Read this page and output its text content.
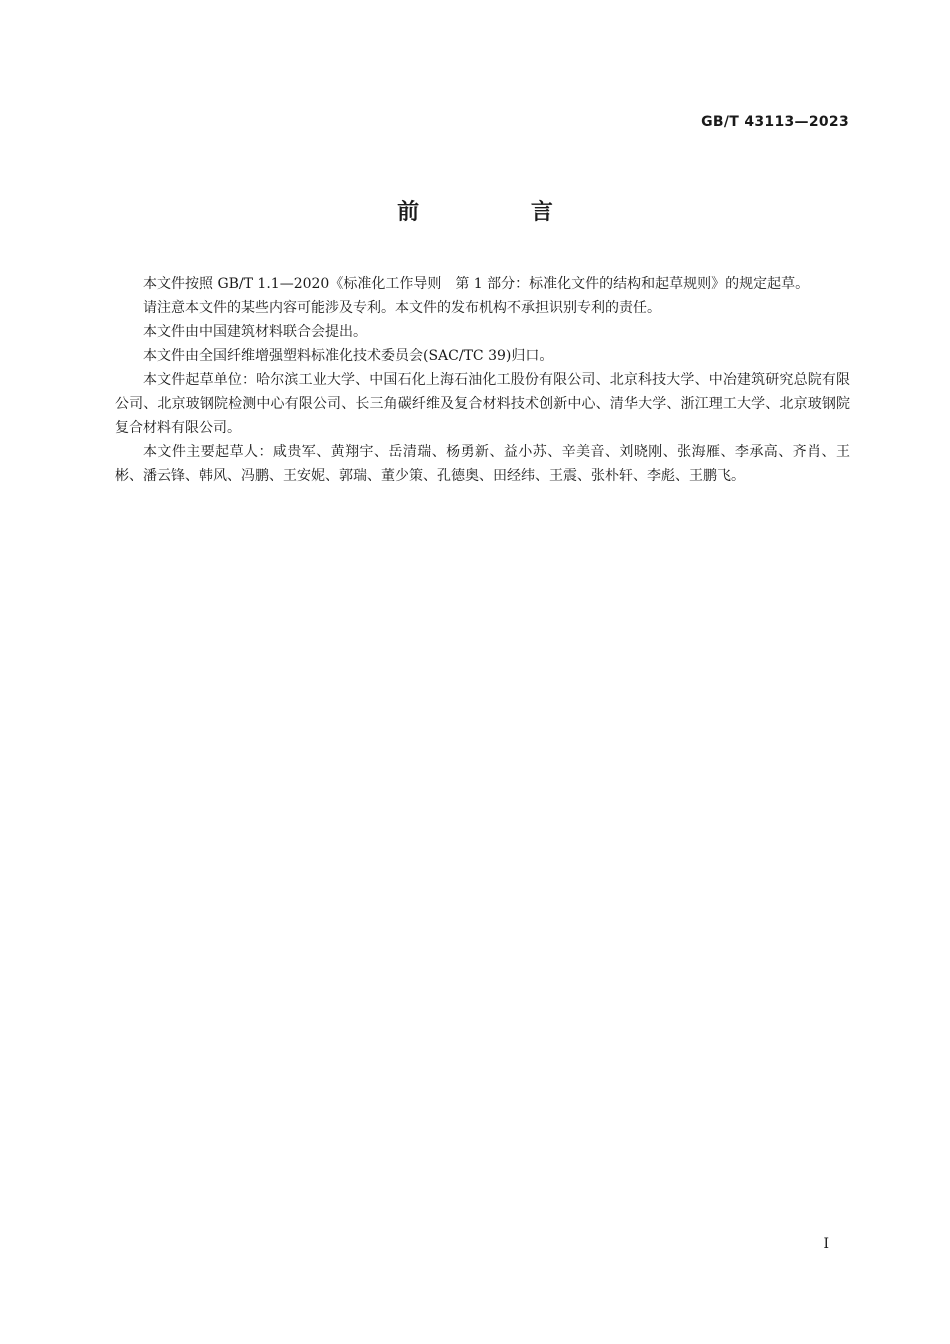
GB/T 43113—2023
前 言

本文件按照 GB/T 1.1—2020《标准化工作导则　第 1 部分：标准化文件的结构和起草规则》的规定起草。

请注意本文件的某些内容可能涉及专利。本文件的发布机构不承担识别专利的责任。

本文件由中国建筑材料联合会提出。

本文件由全国纤维增强塑料标准化技术委员会(SAC/TC 39)归口。

本文件起草单位：哈尔滨工业大学、中国石化上海石油化工股份有限公司、北京科技大学、中冶建筑研究总院有限公司、北京玻钢院检测中心有限公司、长三角碳纤维及复合材料技术创新中心、清华大学、浙江理工大学、北京玻钢院复合材料有限公司。

本文件主要起草人：咸贵军、黄翔宇、岳清瑞、杨勇新、益小苏、辛美音、刘晓刚、张海雁、李承高、齐肖、王彬、潘云锋、韩风、冯鹏、王安妮、郭瑞、董少策、孔德奥、田经纬、王震、张朴轩、李彪、王鹏飞。

I
